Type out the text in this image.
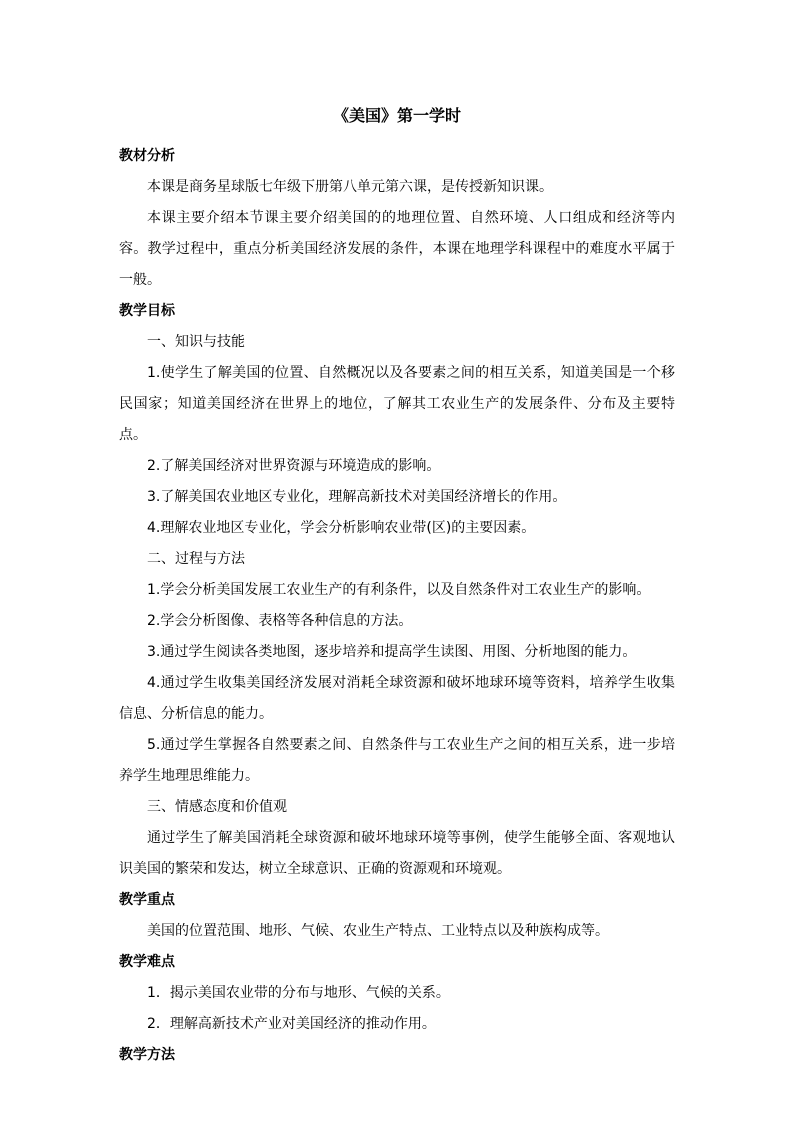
《美国》第一学时

教材分析

本课是商务星球版七年级下册第八单元第六课，是传授新知识课。

本课主要介绍本节课主要介绍美国的的地理位置、自然环境、人口组成和经济等内容。教学过程中，重点分析美国经济发展的条件，本课在地理学科课程中的难度水平属于一般。

教学目标

一、知识与技能

1.使学生了解美国的位置、自然概况以及各要素之间的相互关系，知道美国是一个移民国家；知道美国经济在世界上的地位，了解其工农业生产的发展条件、分布及主要特点。

2.了解美国经济对世界资源与环境造成的影响。

3.了解美国农业地区专业化，理解高新技术对美国经济增长的作用。

4.理解农业地区专业化，学会分析影响农业带(区)的主要因素。

二、过程与方法

1.学会分析美国发展工农业生产的有利条件，以及自然条件对工农业生产的影响。

2.学会分析图像、表格等各种信息的方法。

3.通过学生阅读各类地图，逐步培养和提高学生读图、用图、分析地图的能力。

4.通过学生收集美国经济发展对消耗全球资源和破坏地球环境等资料，培养学生收集信息、分析信息的能力。

5.通过学生掌握各自然要素之间、自然条件与工农业生产之间的相互关系，进一步培养学生地理思维能力。

三、情感态度和价值观

通过学生了解美国消耗全球资源和破坏地球环境等事例，使学生能够全面、客观地认识美国的繁荣和发达，树立全球意识、正确的资源观和环境观。

教学重点

美国的位置范围、地形、气候、农业生产特点、工业特点以及种族构成等。

教学难点

1．揭示美国农业带的分布与地形、气候的关系。

2．理解高新技术产业对美国经济的推动作用。

教学方法
